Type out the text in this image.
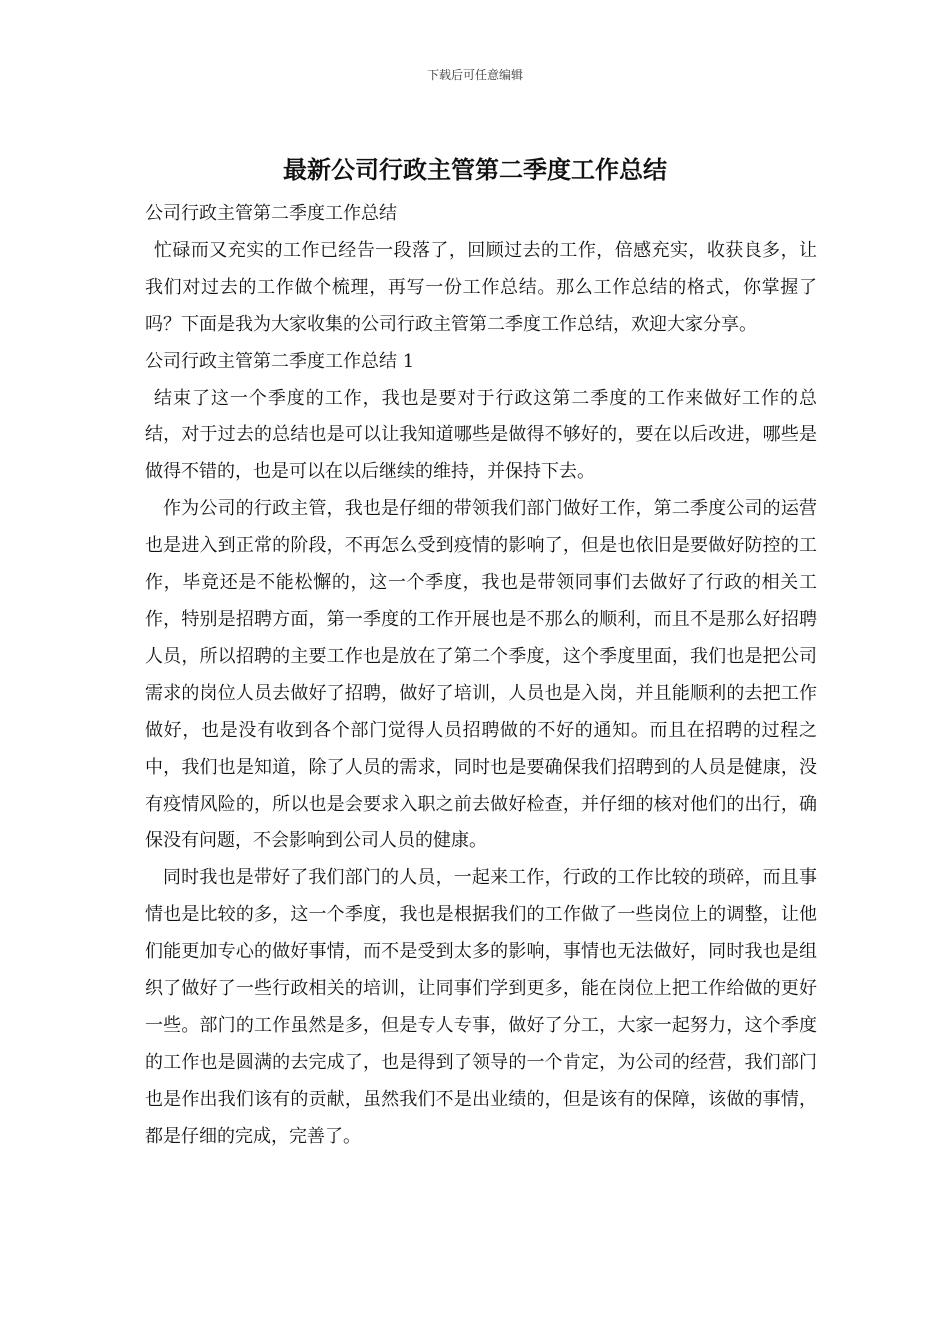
下载后可任意编辑
最新公司行政主管第二季度工作总结

公司行政主管第二季度工作总结

忙碌而又充实的工作已经告一段落了，回顾过去的工作，倍感充实，收获良多，让我们对过去的工作做个梳理，再写一份工作总结。那么工作总结的格式，你掌握了吗？下面是我为大家收集的公司行政主管第二季度工作总结，欢迎大家分享。

公司行政主管第二季度工作总结 1

结束了这一个季度的工作，我也是要对于行政这第二季度的工作来做好工作的总结，对于过去的总结也是可以让我知道哪些是做得不够好的，要在以后改进，哪些是做得不错的，也是可以在以后继续的维持，并保持下去。

作为公司的行政主管，我也是仔细的带领我们部门做好工作，第二季度公司的运营也是进入到正常的阶段，不再怎么受到疫情的影响了，但是也依旧是要做好防控的工作，毕竟还是不能松懈的，这一个季度，我也是带领同事们去做好了行政的相关工作，特别是招聘方面，第一季度的工作开展也是不那么的顺利，而且不是那么好招聘人员，所以招聘的主要工作也是放在了第二个季度，这个季度里面，我们也是把公司需求的岗位人员去做好了招聘，做好了培训，人员也是入岗，并且能顺利的去把工作做好，也是没有收到各个部门觉得人员招聘做的不好的通知。而且在招聘的过程之中，我们也是知道，除了人员的需求，同时也是要确保我们招聘到的人员是健康，没有疫情风险的，所以也是会要求入职之前去做好检查，并仔细的核对他们的出行，确保没有问题，不会影响到公司人员的健康。

同时我也是带好了我们部门的人员，一起来工作，行政的工作比较的琐碎，而且事情也是比较的多，这一个季度，我也是根据我们的工作做了一些岗位上的调整，让他们能更加专心的做好事情，而不是受到太多的影响，事情也无法做好，同时我也是组织了做好了一些行政相关的培训，让同事们学到更多，能在岗位上把工作给做的更好一些。部门的工作虽然是多，但是专人专事，做好了分工，大家一起努力，这个季度的工作也是圆满的去完成了，也是得到了领导的一个肯定，为公司的经营，我们部门也是作出我们该有的贡献，虽然我们不是出业绩的，但是该有的保障，该做的事情，都是仔细的完成，完善了。
